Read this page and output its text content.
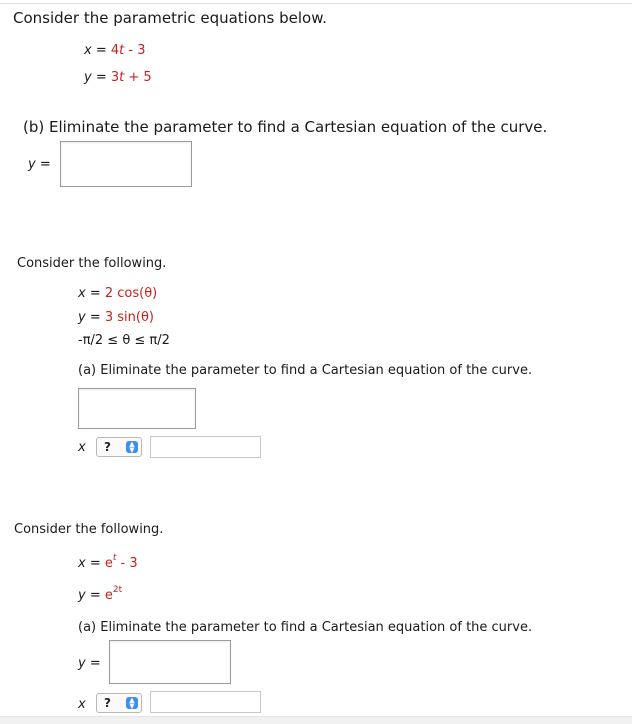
Consider the parametric equations below.
x = 4t - 3
y = 3t + 5
(b) Eliminate the parameter to find a Cartesian equation of the curve.
y =
Consider the following.
x = 2 cos(θ)
y = 3 sin(θ)
-π/2 ≤ θ ≤ π/2
(a) Eliminate the parameter to find a Cartesian equation of the curve.
x ?	▲
▼
Consider the following.
$x = e^t - 3$
$y = e^{2t}$
(a) Eliminate the parameter to find a Cartesian equation of the curve.
y =
x ?	▲
▼
